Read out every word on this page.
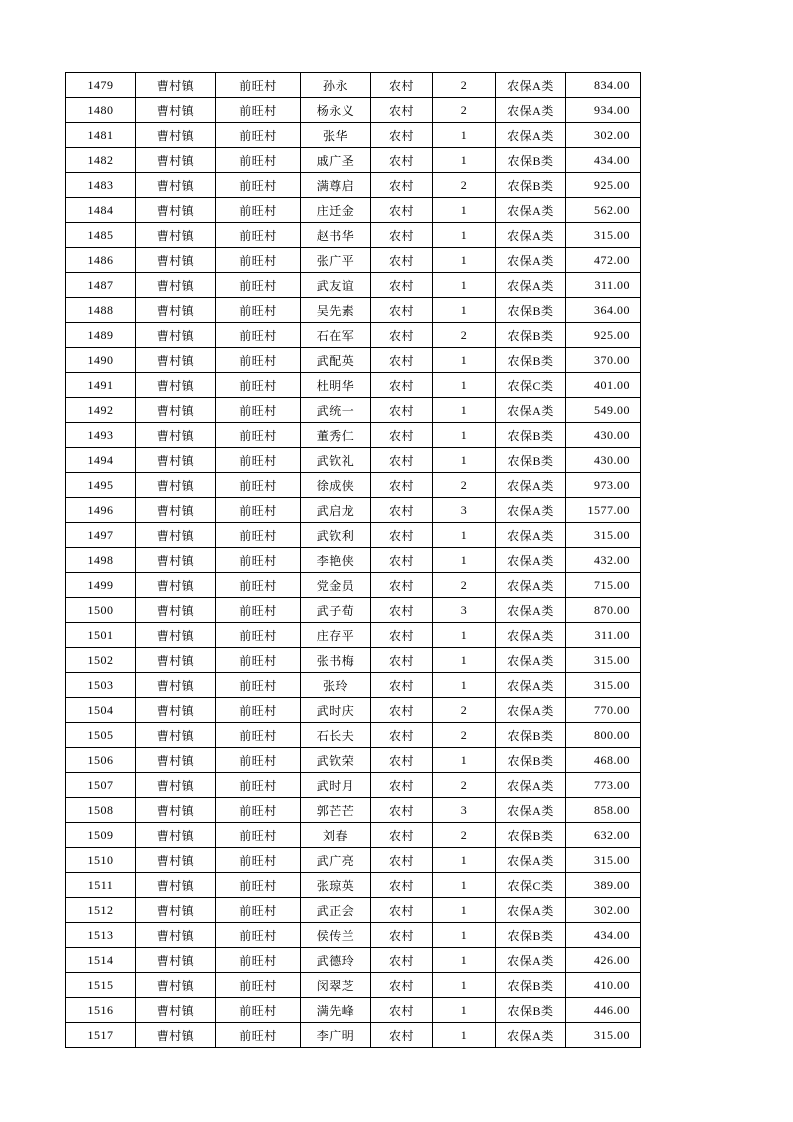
1479	曹村镇	前旺村	孙永	农村	2	农保A类	834.00
1480	曹村镇	前旺村	杨永义	农村	2	农保A类	934.00
1481	曹村镇	前旺村	张华	农村	1	农保A类	302.00
1482	曹村镇	前旺村	戚广圣	农村	1	农保B类	434.00
1483	曹村镇	前旺村	满尊启	农村	2	农保B类	925.00
1484	曹村镇	前旺村	庄迁金	农村	1	农保A类	562.00
1485	曹村镇	前旺村	赵书华	农村	1	农保A类	315.00
1486	曹村镇	前旺村	张广平	农村	1	农保A类	472.00
1487	曹村镇	前旺村	武友谊	农村	1	农保A类	311.00
1488	曹村镇	前旺村	吴先素	农村	1	农保B类	364.00
1489	曹村镇	前旺村	石在军	农村	2	农保B类	925.00
1490	曹村镇	前旺村	武配英	农村	1	农保B类	370.00
1491	曹村镇	前旺村	杜明华	农村	1	农保C类	401.00
1492	曹村镇	前旺村	武统一	农村	1	农保A类	549.00
1493	曹村镇	前旺村	董秀仁	农村	1	农保B类	430.00
1494	曹村镇	前旺村	武钦礼	农村	1	农保B类	430.00
1495	曹村镇	前旺村	徐成侠	农村	2	农保A类	973.00
1496	曹村镇	前旺村	武启龙	农村	3	农保A类	1577.00
1497	曹村镇	前旺村	武钦利	农村	1	农保A类	315.00
1498	曹村镇	前旺村	李艳侠	农村	1	农保A类	432.00
1499	曹村镇	前旺村	党金员	农村	2	农保A类	715.00
1500	曹村镇	前旺村	武子荀	农村	3	农保A类	870.00
1501	曹村镇	前旺村	庄存平	农村	1	农保A类	311.00
1502	曹村镇	前旺村	张书梅	农村	1	农保A类	315.00
1503	曹村镇	前旺村	张玲	农村	1	农保A类	315.00
1504	曹村镇	前旺村	武时庆	农村	2	农保A类	770.00
1505	曹村镇	前旺村	石长夫	农村	2	农保B类	800.00
1506	曹村镇	前旺村	武钦荣	农村	1	农保B类	468.00
1507	曹村镇	前旺村	武时月	农村	2	农保A类	773.00
1508	曹村镇	前旺村	郭芒芒	农村	3	农保A类	858.00
1509	曹村镇	前旺村	刘春	农村	2	农保B类	632.00
1510	曹村镇	前旺村	武广亮	农村	1	农保A类	315.00
1511	曹村镇	前旺村	张琼英	农村	1	农保C类	389.00
1512	曹村镇	前旺村	武正会	农村	1	农保A类	302.00
1513	曹村镇	前旺村	侯传兰	农村	1	农保B类	434.00
1514	曹村镇	前旺村	武德玲	农村	1	农保A类	426.00
1515	曹村镇	前旺村	闵翠芝	农村	1	农保B类	410.00
1516	曹村镇	前旺村	满先峰	农村	1	农保B类	446.00
1517	曹村镇	前旺村	李广明	农村	1	农保A类	315.00
